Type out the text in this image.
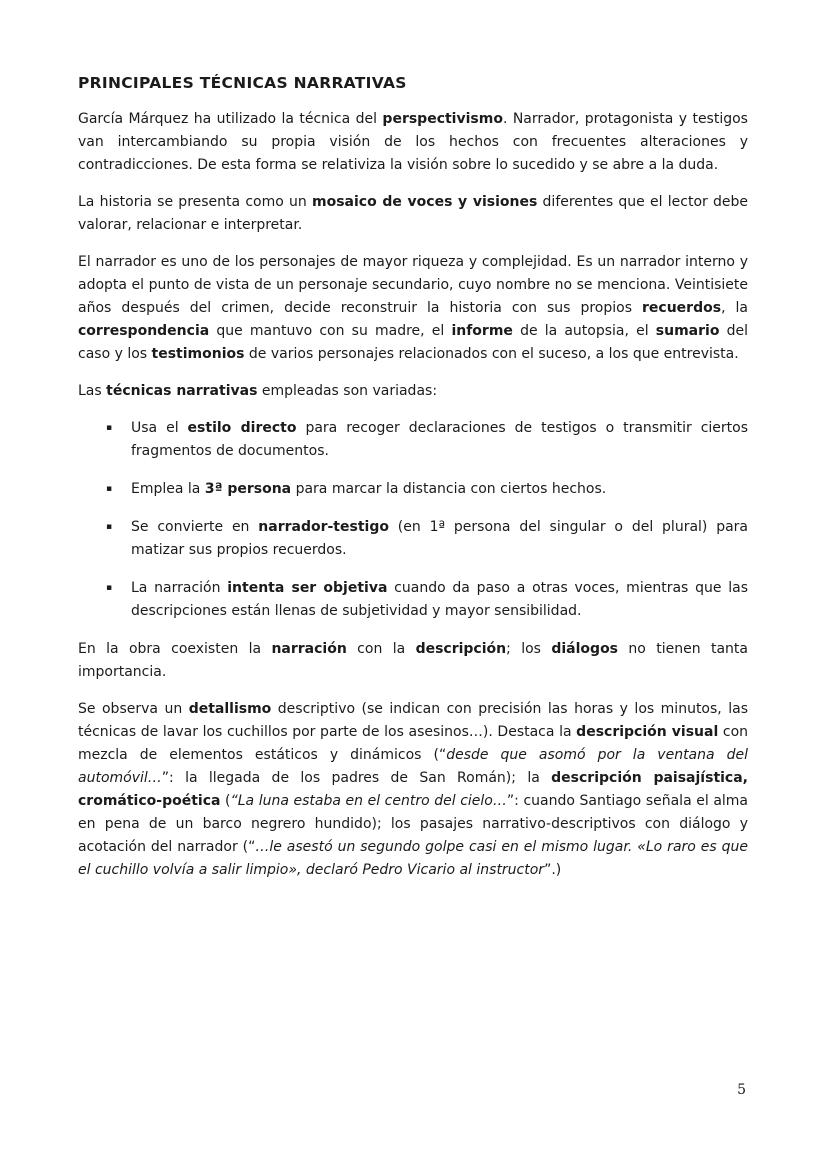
PRINCIPALES TÉCNICAS NARRATIVAS

García Márquez ha utilizado la técnica del perspectivismo. Narrador, protagonista y testigos van intercambiando su propia visión de los hechos con frecuentes alteraciones y contradicciones. De esta forma se relativiza la visión sobre lo sucedido y se abre a la duda.

La historia se presenta como un mosaico de voces y visiones diferentes que el lector debe valorar, relacionar e interpretar.

El narrador es uno de los personajes de mayor riqueza y complejidad. Es un narrador interno y adopta el punto de vista de un personaje secundario, cuyo nombre no se menciona. Veintisiete años después del crimen, decide reconstruir la historia con sus propios recuerdos, la correspondencia que mantuvo con su madre, el informe de la autopsia, el sumario del caso y los testimonios de varios personajes relacionados con el suceso, a los que entrevista.

Las técnicas narrativas empleadas son variadas:

▪	Usa el estilo directo para recoger declaraciones de testigos o transmitir ciertos fragmentos de documentos.
▪	Emplea la 3ª persona para marcar la distancia con ciertos hechos.
▪	Se convierte en narrador-testigo (en 1ª persona del singular o del plural) para matizar sus propios recuerdos.
▪	La narración intenta ser objetiva cuando da paso a otras voces, mientras que las descripciones están llenas de subjetividad y mayor sensibilidad.

En la obra coexisten la narración con la descripción; los diálogos no tienen tanta importancia.

Se observa un detallismo descriptivo (se indican con precisión las horas y los minutos, las técnicas de lavar los cuchillos por parte de los asesinos…). Destaca la descripción visual con mezcla de elementos estáticos y dinámicos (“desde que asomó por la ventana del automóvil…”: la llegada de los padres de San Román); la descripción paisajística, cromático-poética (“La luna estaba en el centro del cielo…”: cuando Santiago señala el alma en pena de un barco negrero hundido); los pasajes narrativo-descriptivos con diálogo y acotación del narrador (“…le asestó un segundo golpe casi en el mismo lugar. «Lo raro es que el cuchillo volvía a salir limpio», declaró Pedro Vicario al instructor”.)

5
